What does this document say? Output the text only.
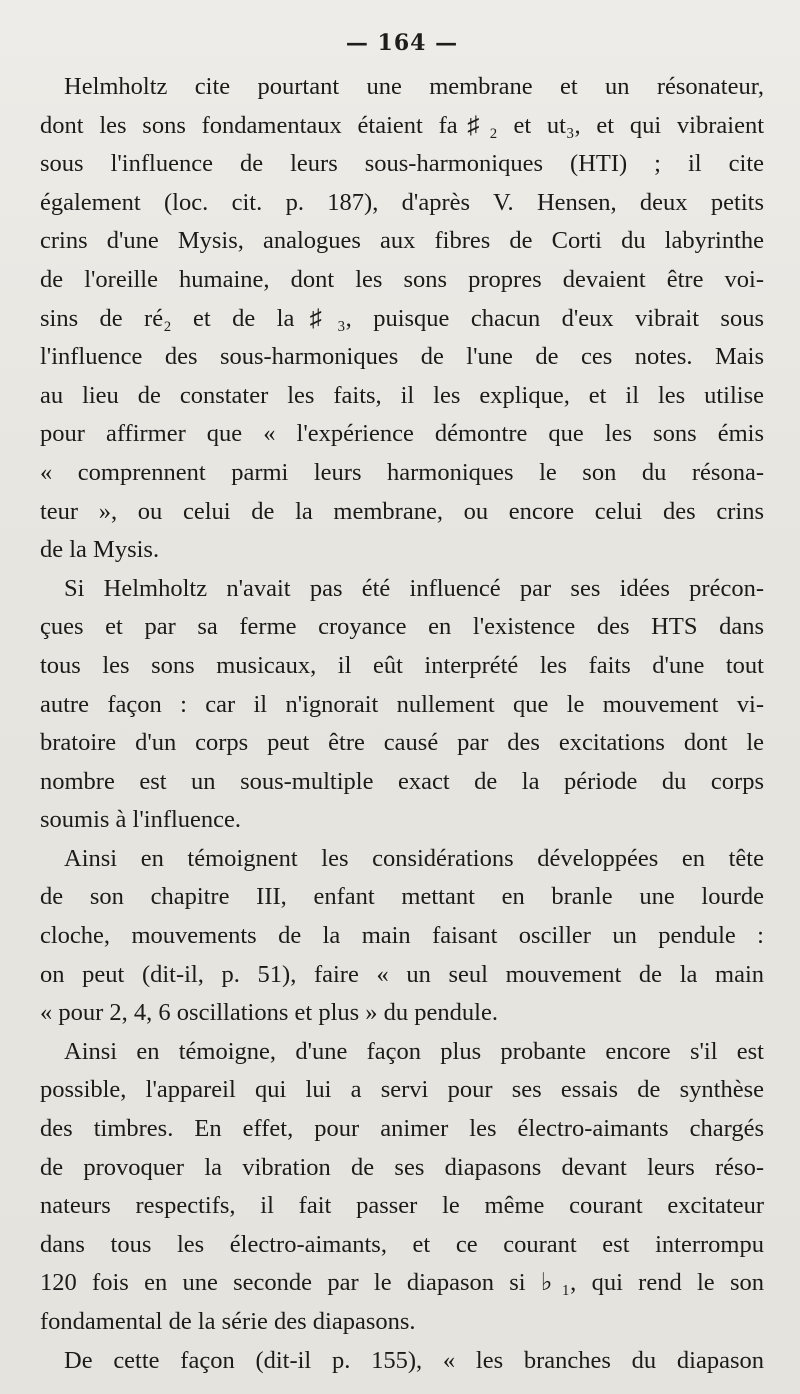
— 164 —

Helmholtz cite pourtant une membrane et un résonateur,
dont les sons fondamentaux étaient fa♯₂ et ut₃, et qui vibraient
sous l'influence de leurs sous-harmoniques (HTI) ; il cite
également (loc. cit. p. 187), d'après V. Hensen, deux petits
crins d'une Mysis, analogues aux fibres de Corti du labyrinthe
de l'oreille humaine, dont les sons propres devaient être voi-
sins de ré₂ et de la♯₃, puisque chacun d'eux vibrait sous
l'influence des sous-harmoniques de l'une de ces notes. Mais
au lieu de constater les faits, il les explique, et il les utilise
pour affirmer que « l'expérience démontre que les sons émis
« comprennent parmi leurs harmoniques le son du résona-
teur », ou celui de la membrane, ou encore celui des crins
de la Mysis.

Si Helmholtz n'avait pas été influencé par ses idées précon-
çues et par sa ferme croyance en l'existence des HTS dans
tous les sons musicaux, il eût interprété les faits d'une tout
autre façon : car il n'ignorait nullement que le mouvement vi-
bratoire d'un corps peut être causé par des excitations dont le
nombre est un sous-multiple exact de la période du corps
soumis à l'influence.

Ainsi en témoignent les considérations développées en tête
de son chapitre III, enfant mettant en branle une lourde
cloche, mouvements de la main faisant osciller un pendule :
on peut (dit-il, p. 51), faire « un seul mouvement de la main
« pour 2, 4, 6 oscillations et plus » du pendule.

Ainsi en témoigne, d'une façon plus probante encore s'il est
possible, l'appareil qui lui a servi pour ses essais de synthèse
des timbres. En effet, pour animer les électro-aimants chargés
de provoquer la vibration de ses diapasons devant leurs réso-
nateurs respectifs, il fait passer le même courant excitateur
dans tous les électro-aimants, et ce courant est interrompu
120 fois en une seconde par le diapason si ♭₁, qui rend le son
fondamental de la série des diapasons.

De cette façon (dit-il p. 155), « les branches du diapason
